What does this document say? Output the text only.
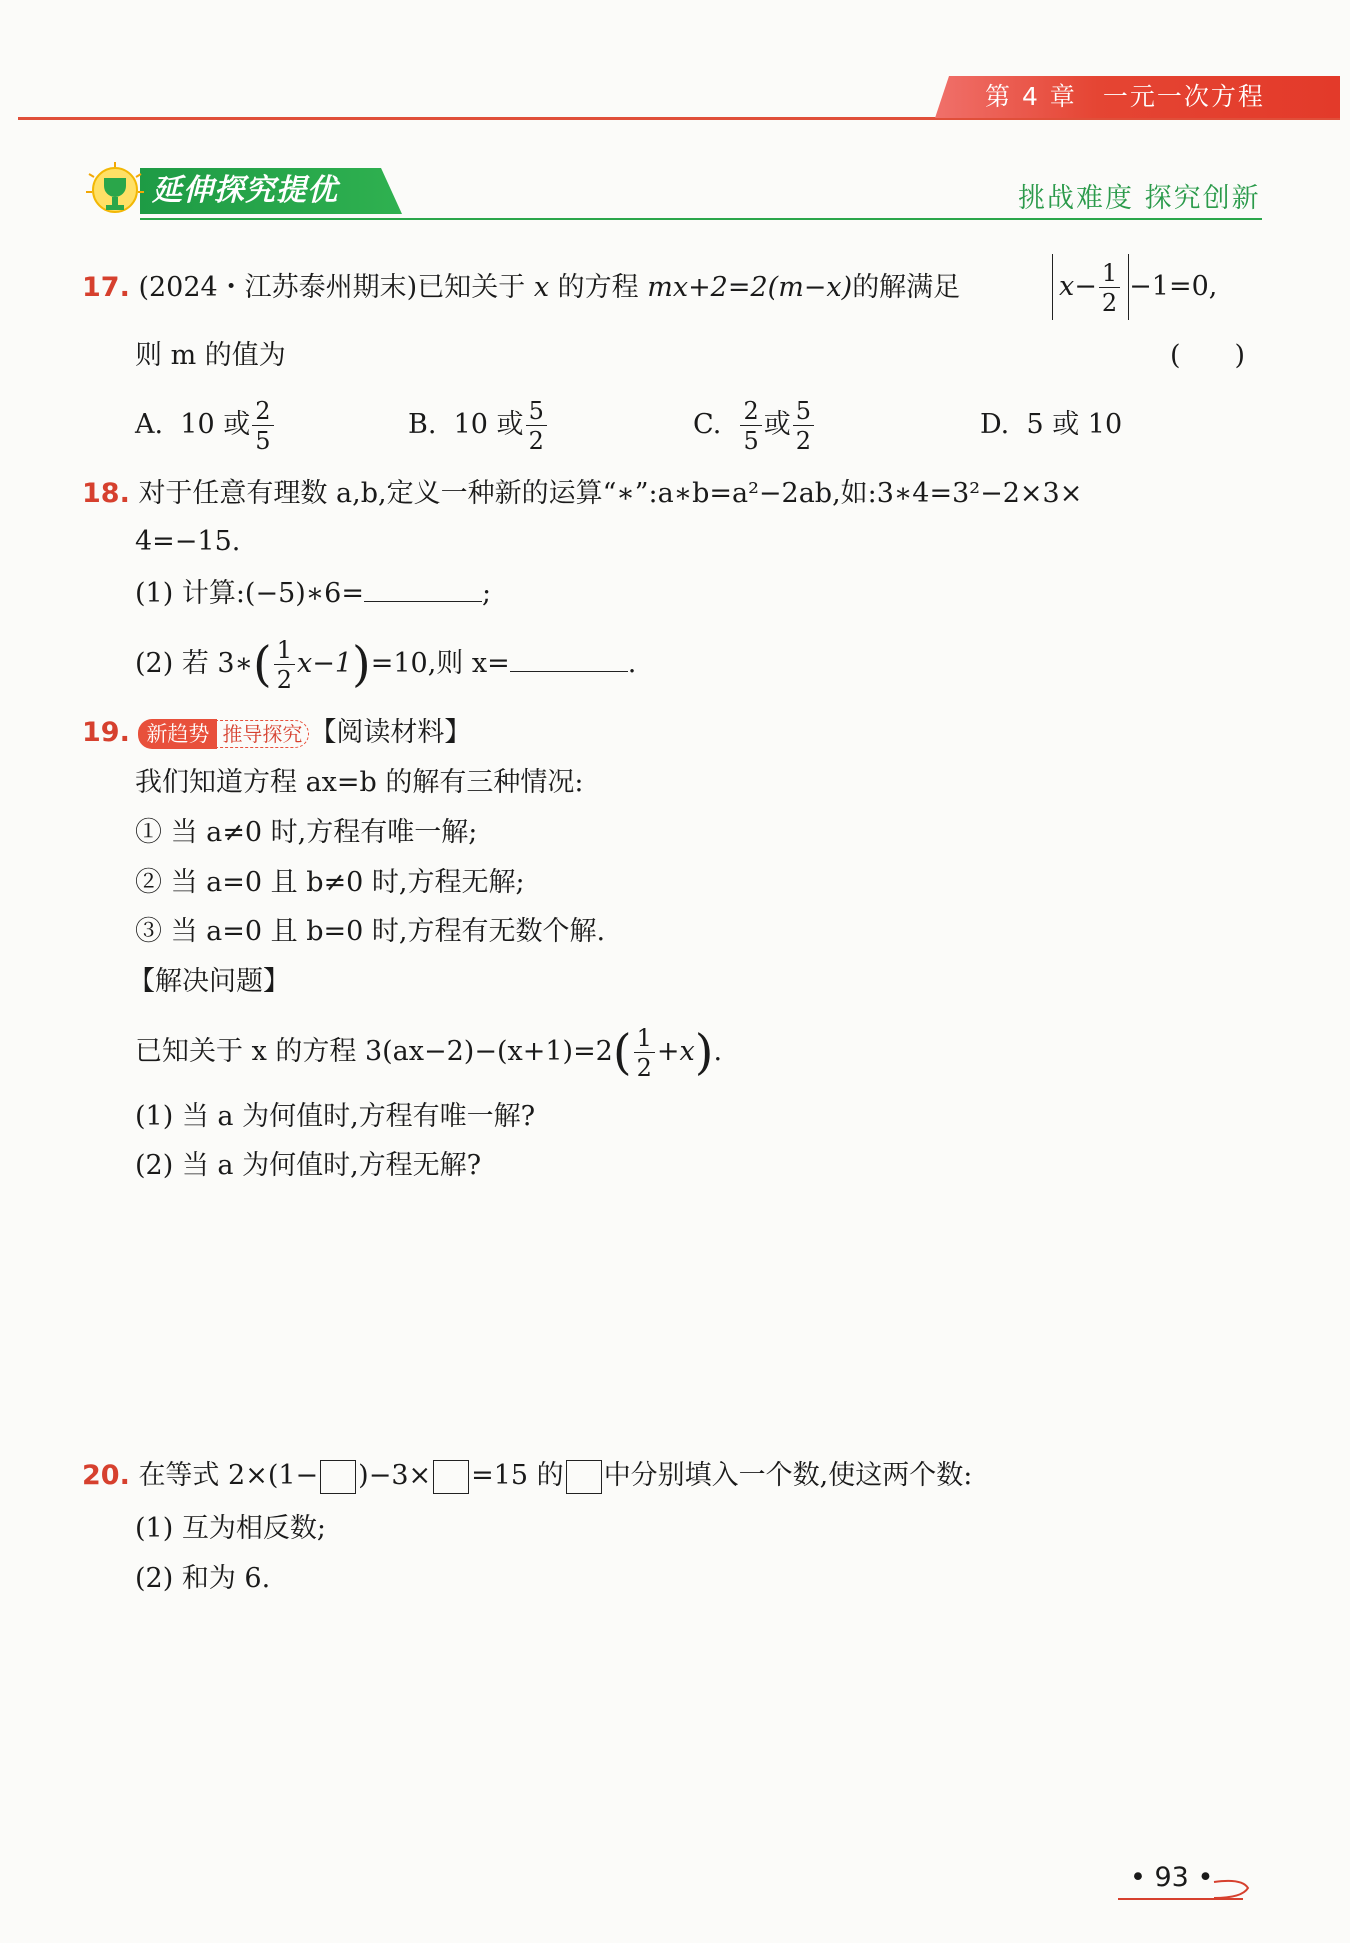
第 4 章 一元一次方程
延伸探究提优	挑战难度 探究创新
17. (2024・江苏泰州期末)已知关于 x 的方程 mx+2=2(m−x)的解满足	$x- \frac{1}{2} -1=0$,
则 m 的值为	(　　)
A. 10 或 $\frac{2}{5}$	B. 10 或 $\frac{5}{2}$	C. $\frac{2}{5}$ 或 $\frac{5}{2}$	D. 5 或 10
18. 对于任意有理数 a,b,定义一种新的运算“∗”:a∗b=a²−2ab,如:3∗4=3²−2×3×
4=−15.
(1) 计算:(−5)∗6=	;
(2) 若 3∗( $\frac{1}{2} x-1)=10$,则 x=	.
19. 新趋势 推导探究 【阅读材料】
我们知道方程 ax=b 的解有三种情况:
① 当 a≠0 时,方程有唯一解;
② 当 a=0 且 b≠0 时,方程无解;
③ 当 a=0 且 b=0 时,方程有无数个解.
【解决问题】
已知关于 x 的方程 $3(ax-2)-(x+1)=2( \frac{1}{2} +x)$.
(1) 当 a 为何值时,方程有唯一解?
(2) 当 a 为何值时,方程无解?
20. 在等式 2×(1− )−3× =15 的 中分别填入一个数,使这两个数:
(1) 互为相反数;
(2) 和为 6.
• 93 •
